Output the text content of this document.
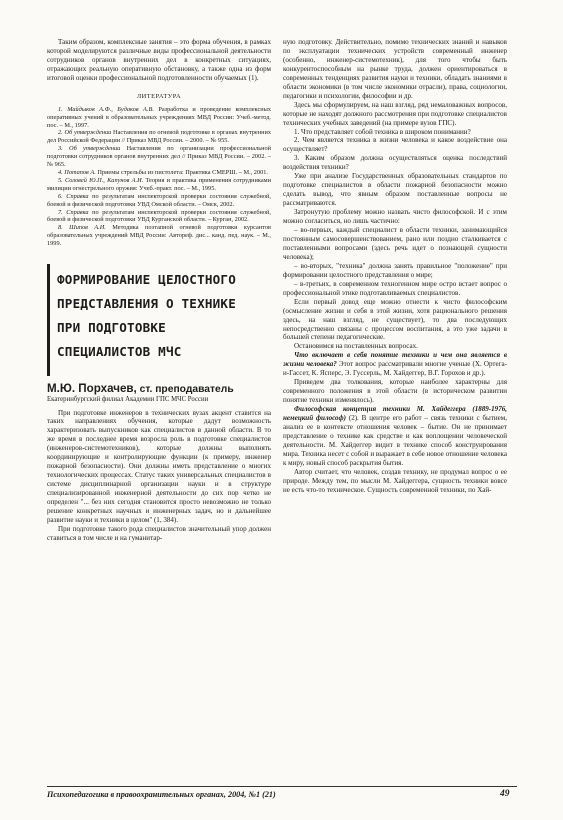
Таким образом, комплексные занятия – это форма обучения, в рамках которой моделируются различные виды профессиональной деятельности сотрудников органов внутренних дел в конкретных ситуациях, отражающих реальную оперативную обстановку, а также одна из форм итоговой оценки профессиональной подготовленности обучаемых (1).

ЛИТЕРАТУРА

1. Майдыков А.Ф., Будаков А.В. Разработка и проведение комплексных оперативных учений в образовательных учреждениях МВД России: Учеб.-метод. пос. – М., 1997.

2. Об утверждении Наставления по огневой подготовке в органах внутренних дел Российской Федерации // Приказ МВД России. – 2000. – № 955.

3. Об утверждении Наставления по организации профессиональной подготовки сотрудников органов внутренних дел // Приказ МВД России. – 2002. – № 965.

4. Потапов А. Приемы стрельбы из пистолета: Практика СМЕРШ. – М., 2001.

5. Соловей Ю.П., Капунов А.И. Теория и практика применения сотрудниками милиции огнестрельного оружия: Учеб.-практ. пос. – М., 1995.

6. Справка по результатам инспекторской проверки состояния служебной, боевой и физической подготовки УВД Омской области. – Омск, 2002.

7. Справка по результатам инспекторской проверки состояния служебной, боевой и физической подготовки УВД Курганской области. – Курган, 2002.

8. Шипов А.И. Методика поэтапной огневой подготовки курсантов образовательных учреждений МВД России: Автореф. дис... канд. пед. наук. – М., 1999.

ФОРМИРОВАНИЕ ЦЕЛОСТНОГО
ПРЕДСТАВЛЕНИЯ О ТЕХНИКЕ
ПРИ ПОДГОТОВКЕ
СПЕЦИАЛИСТОВ МЧС
М.Ю. Порхачев, ст. преподаватель
Екатеринбургский филиал Академии ГПС МЧС России

При подготовке инженеров в технических вузах акцент ставится на таких направлениях обучения, которые дадут возможность характеризовать выпускников как специалистов в данной области. В то же время в последнее время возросла роль в подготовке специалистов (инженеров-системотехников), которые должны выполнять координирующие и контролирующие функции (к примеру, инженер пожарной безопасности). Они должны иметь представление о многих технологических процессах. Статус таких универсальных специалистов в системе дисциплинарной организации науки и в структуре специализированной инженерной деятельности до сих пор четко не определен "... без них сегодня становится просто невозможно не только решение конкретных научных и инженерных задач, но и дальнейшее развитие науки и техники в целом" (1, 384).

При подготовке такого рода специалистов значительный упор должен ставиться в том числе и на гуманитар-

ную подготовку. Действительно, помимо технических знаний и навыков по эксплуатации технических устройств современный инженер (особенно, инженер-системотехник), для того чтобы быть конкурентоспособным на рынке труда, должен ориентироваться в современных тенденциях развития науки и техники, обладать знаниями в области экономики (в том числе экономики отрасли), права, социологии, педагогики и психологии, философии и др.

Здесь мы сформулируем, на наш взгляд, ряд немаловажных вопросов, которые не находят должного рассмотрения при подготовке специалистов технических учебных заведений (на примере вузов ГПС).

1. Что представляет собой техника в широком понимании?

2. Чем является техника в жизни человека и какое воздействие она осуществляет?

3. Каким образом должна осуществляться оценка последствий воздействия техники?

Уже при анализе Государственных образовательных стандартов по подготовке специалистов в области пожарной безопасности можно сделать вывод, что явным образом поставленные вопросы не рассматриваются.

Затронутую проблему можно назвать чисто философской. И с этим можно согласиться, но лишь частично:

– во-первых, каждый специалист в области техники, занимающийся постоянным самосовершенствованием, рано или поздно сталкивается с поставленными вопросами (здесь речь идет о познающей сущности человека);

– во-вторых, "техника" должна занять правильное "положение" при формировании целостного представления о мире;

– в-третьих, в современном техногенном мире остро встает вопрос о профессиональной этике подготавливаемых специалистов.

Если первый довод еще можно отнести к чисто философским (осмысление жизни и себя в этой жизни, хотя рационального решения здесь, на наш взгляд, не существует), то два последующих непосредственно связаны с процессом воспитания, а это уже задачи в большей степени педагогические.

Остановимся на поставленных вопросах.

Что включает в себя понятие техники и чем она является в жизни человека? Этот вопрос рассматривали многие ученые (Х. Ортега-и-Гассет, К. Ясперс, Э. Гуссерль, М. Хайдеггер, В.Г. Горохов и др.).

Приведем два толкования, которые наиболее характерны для современного положения в этой области (в историческом развитии понятие техники изменялось).

Философская концепция техники М. Хайдеггера (1889-1976, немецкий философ) (2). В центре его работ – связь техники с бытием, анализ ее в контексте отношения человек – бытие. Он не принимает представление о технике как средстве и как воплощении человеческой деятельности. М. Хайдеггер видит в технике способ конструирования мира. Техника несет с собой и выражает в себе новое отношение человека к миру, новый способ раскрытия бытия.

Автор считает, что человек, создав технику, не продумал вопрос о ее природе. Между тем, по мысли М. Хайдеггера, сущность техники вовсе не есть что-то техническое. Сущность современной техники, по Хай-

Психопедагогика в правоохранительных органах, 2004, №1 (21)	49
